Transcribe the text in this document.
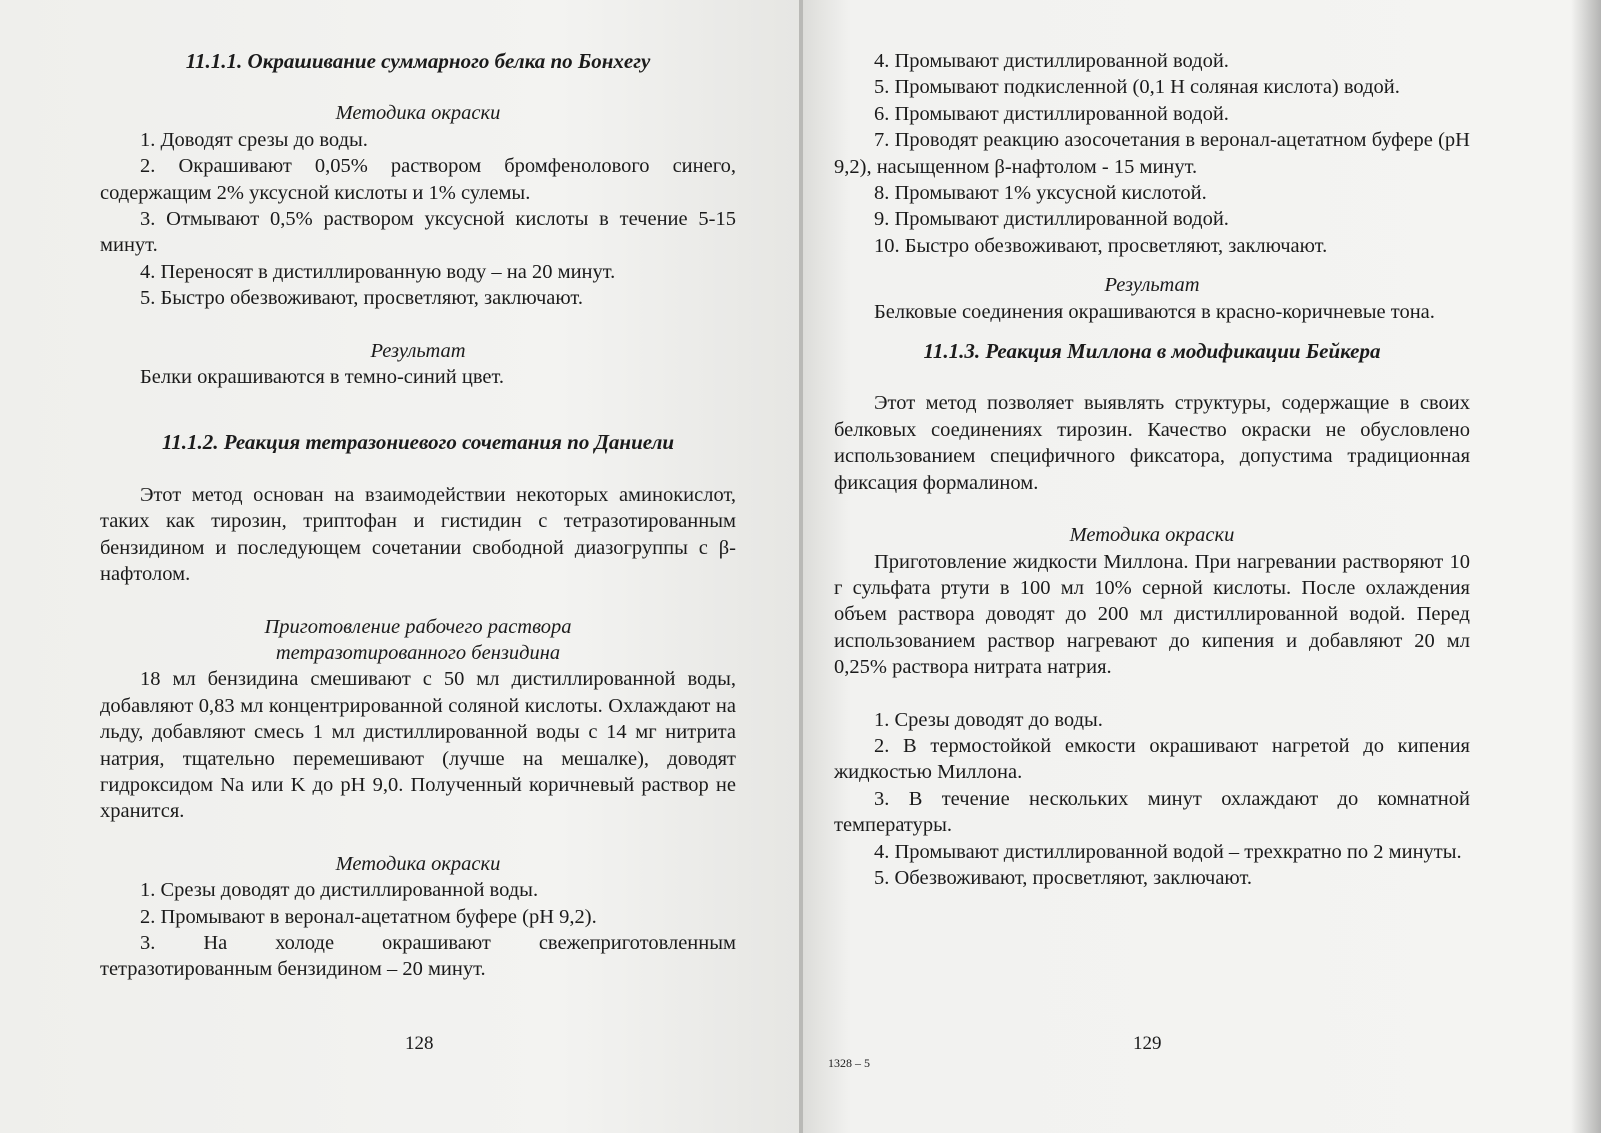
11.1.1. Окрашивание суммарного белка по Бонхегу

Методика окраски

1. Доводят срезы до воды.

2. Окрашивают 0,05% раствором бромфенолового синего, содержащим 2% уксусной кислоты и 1% сулемы.

3. Отмывают 0,5% раствором уксусной кислоты в течение 5-15 минут.

4. Переносят в дистиллированную воду – на 20 минут.

5. Быстро обезвоживают, просветляют, заключают.

Результат

Белки окрашиваются в темно-синий цвет.

11.1.2. Реакция тетразониевого сочетания по Даниели

Этот метод основан на взаимодействии некоторых аминокислот, таких как тирозин, триптофан и гистидин с тетразотированным бензидином и последующем сочетании свободной диазогруппы с β-нафтолом.

Приготовление рабочего раствора

тетразотированного бензидина

18 мл бензидина смешивают с 50 мл дистиллированной воды, добавляют 0,83 мл концентрированной соляной кислоты. Охлаждают на льду, добавляют смесь 1 мл дистиллированной воды с 14 мг нитрита натрия, тщательно перемешивают (лучше на мешалке), доводят гидроксидом Na или K до pH 9,0. Полученный коричневый раствор не хранится.

Методика окраски

1. Срезы доводят до дистиллированной воды.

2. Промывают в веронал-ацетатном буфере (pH 9,2).

3. На холоде окрашивают свежеприготовленным тетразотированным бензидином – 20 минут.

128

4. Промывают дистиллированной водой.

5. Промывают подкисленной (0,1 Н соляная кислота) водой.

6. Промывают дистиллированной водой.

7. Проводят реакцию азосочетания в веронал-ацетатном буфере (pH 9,2), насыщенном β-нафтолом - 15 минут.

8. Промывают 1% уксусной кислотой.

9. Промывают дистиллированной водой.

10. Быстро обезвоживают, просветляют, заключают.

Результат

Белковые соединения окрашиваются в красно-коричневые тона.

11.1.3. Реакция Миллона в модификации Бейкера

Этот метод позволяет выявлять структуры, содержащие в своих белковых соединениях тирозин. Качество окраски не обусловлено использованием специфичного фиксатора, допустима традиционная фиксация формалином.

Методика окраски

Приготовление жидкости Миллона. При нагревании растворяют 10 г сульфата ртути в 100 мл 10% серной кислоты. После охлаждения объем раствора доводят до 200 мл дистиллированной водой. Перед использованием раствор нагревают до кипения и добавляют 20 мл 0,25% раствора нитрата натрия.

1. Срезы доводят до воды.

2. В термостойкой емкости окрашивают нагретой до кипения жидкостью Миллона.

3. В течение нескольких минут охлаждают до комнатной температуры.

4. Промывают дистиллированной водой – трехкратно по 2 минуты.

5. Обезвоживают, просветляют, заключают.

1328 – 5
129
